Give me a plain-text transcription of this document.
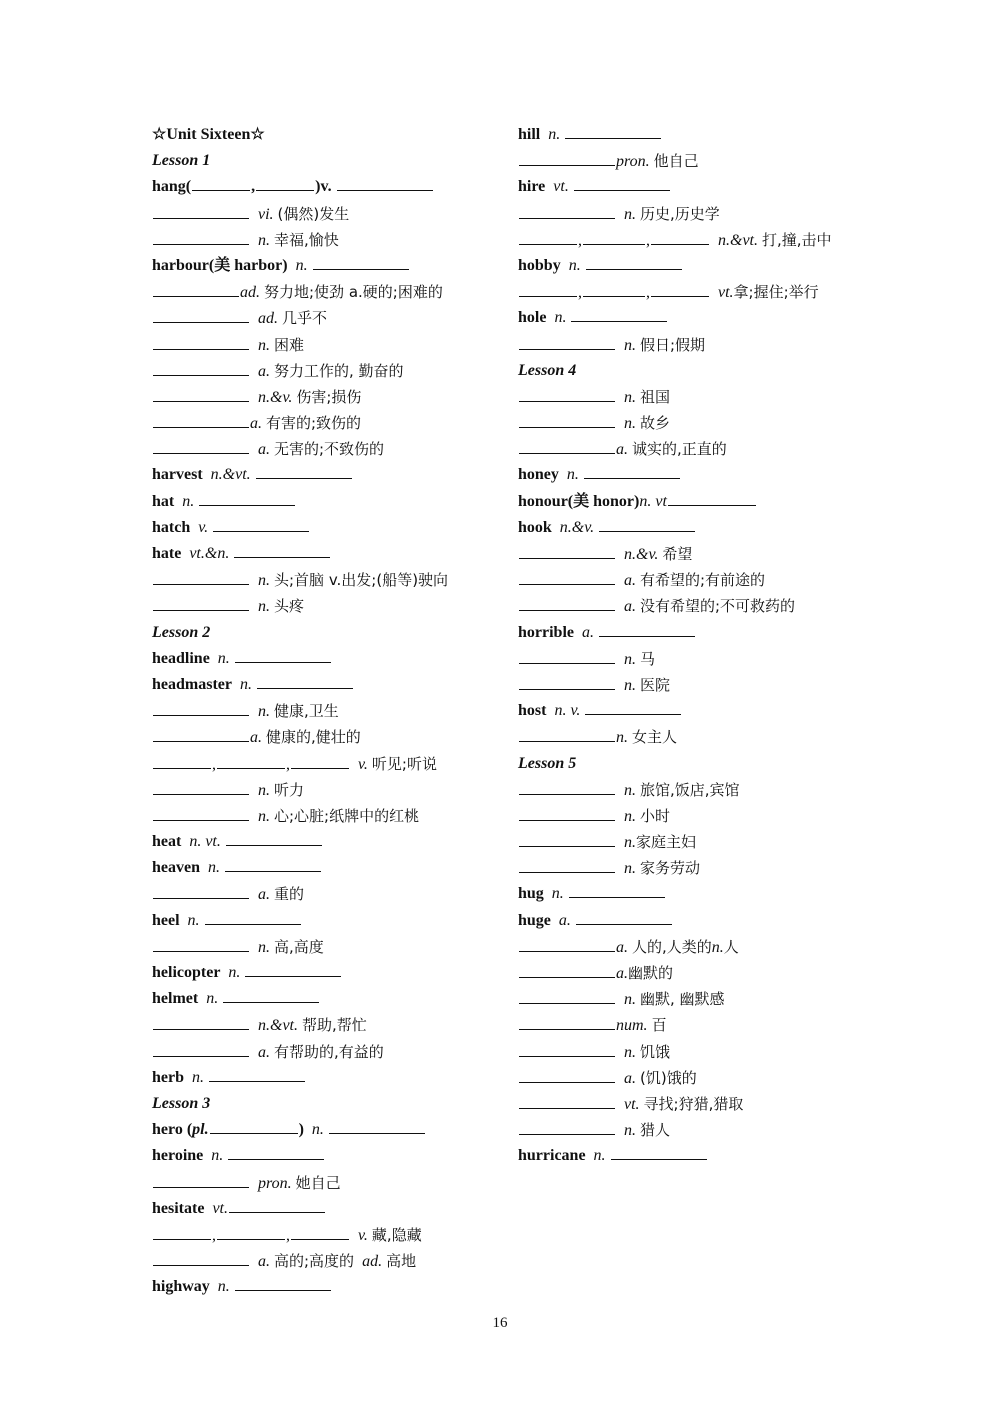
☆Unit Sixteen☆
Lesson 1
hang(	,	)v.
vi. (偶然)发生
n. 幸福,愉快
harbour(美 harbor) n.
ad. 努力地;使劲 a.硬的;困难的
ad. 几乎不
n. 困难
a. 努力工作的, 勤奋的
n.&v. 伤害;损伤
a. 有害的;致伤的
a. 无害的;不致伤的
harvest n.&vt.
hat n.
hatch v.
hate vt.&n.
n. 头;首脑 v.出发;(船等)驶向
n. 头疼
Lesson 2
headline n.
headmaster n.
n. 健康,卫生
a. 健康的,健壮的
,	,	v. 听见;听说
n. 听力
n. 心;心脏;纸牌中的红桃
heat n. vt.
heaven n.
a. 重的
heel n.
n. 高,高度
helicopter n.
helmet n.
n.&vt. 帮助,帮忙
a. 有帮助的,有益的
herb n.
Lesson 3
hero (pl.	) n.
heroine n.
pron. 她自己
hesitate vt.
,	,	v. 藏,隐藏
a. 高的;高度的 ad. 高地
highway n.
hill n.
pron. 他自己
hire vt.
n. 历史,历史学
,	,	n.&vt. 打,撞,击中
hobby n.
,	,	vt.拿;握住;举行
hole n.
n. 假日;假期
Lesson 4
n. 祖国
n. 故乡
a. 诚实的,正直的
honey n.
honour(美 honor)n. vt
hook n.&v.
n.&v. 希望
a. 有希望的;有前途的
a. 没有希望的;不可救药的
horrible a.
n. 马
n. 医院
host n. v.
n. 女主人
Lesson 5
n. 旅馆,饭店,宾馆
n. 小时
n.家庭主妇
n. 家务劳动
hug n.
huge a.
a. 人的,人类的n.人
a.幽默的
n. 幽默, 幽默感
num. 百
n. 饥饿
a. (饥)饿的
vt. 寻找;狩猎,猎取
n. 猎人
hurricane n.
16
